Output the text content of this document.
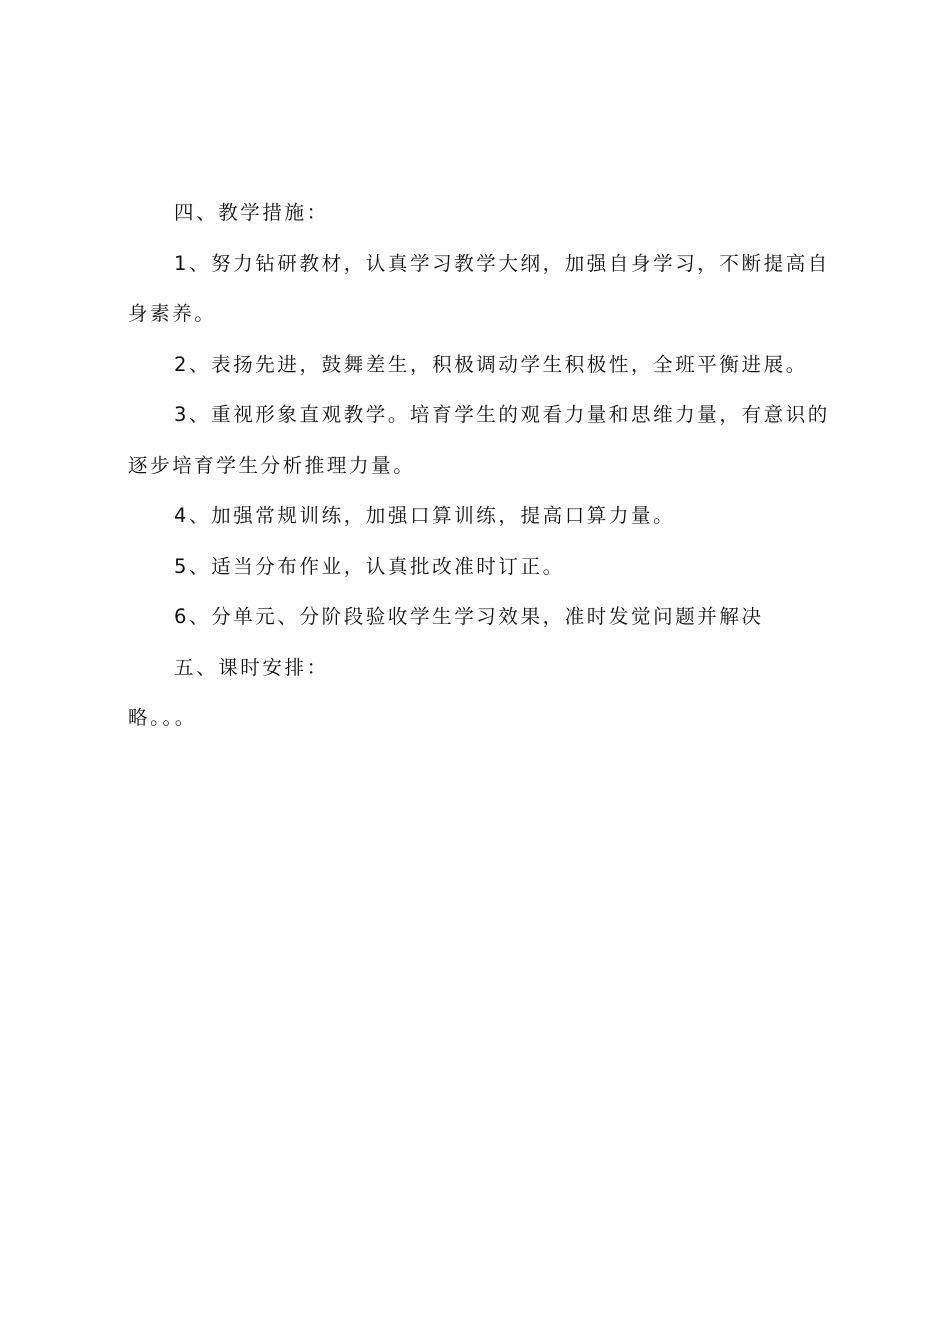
四、教学措施：

1、努力钻研教材，认真学习教学大纲，加强自身学习，不断提高自身素养。

2、表扬先进，鼓舞差生，积极调动学生积极性，全班平衡进展。

3、重视形象直观教学。培育学生的观看力量和思维力量，有意识的逐步培育学生分析推理力量。

4、加强常规训练，加强口算训练，提高口算力量。

5、适当分布作业，认真批改准时订正。

6、分单元、分阶段验收学生学习效果，准时发觉问题并解决

五、课时安排：

略。。。
